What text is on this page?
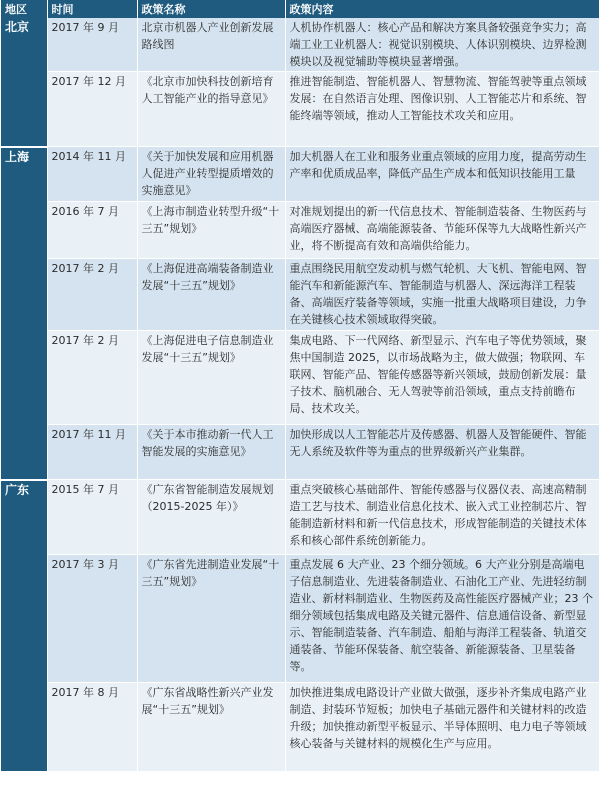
地区	时间	政策名称	政策内容
北京	2017 年 9 月	北京市机器人产业创新发展路线图	人机协作机器人：核心产品和解决方案具备较强竞争实力；高端工业工业机器人：视觉识别模块、人体识别模块、边界检测模块以及视觉辅助等模块显著增强。
	2017 年 12 月	《北京市加快科技创新培育人工智能产业的指导意见》	推进智能制造、智能机器人、智慧物流、智能驾驶等重点领域发展：在自然语言处理、图像识别、人工智能芯片和系统、智能终端等领域，推动人工智能技术攻关和应用。
上海	2014 年 11 月	《关于加快发展和应用机器人促进产业转型提质增效的实施意见》	加大机器人在工业和服务业重点领域的应用力度，提高劳动生产率和优质成品率，降低产品生产成本和低知识技能用工量
	2016 年 7 月	《上海市制造业转型升级“十三五”规划》	对准规划提出的新一代信息技术、智能制造装备、生物医药与高端医疗器械、高端能源装备、节能环保等九大战略性新兴产业，将不断提高有效和高端供给能力。
	2017 年 2 月	《上海促进高端装备制造业发展“十三五”规划》	重点围绕民用航空发动机与燃气轮机、大飞机、智能电网、智能汽车和新能源汽车、智能制造与机器人、深远海洋工程装备、高端医疗装备等领域，实施一批重大战略项目建设，力争在关键核心技术领域取得突破。
	2017 年 2 月	《上海促进电子信息制造业发展“十三五”规划》	集成电路、下一代网络、新型显示、汽车电子等优势领域，聚焦中国制造 2025，以市场战略为主，做大做强；物联网、车联网、智能产品、智能传感器等新兴领域，鼓励创新发展：量子技术、脑机融合、无人驾驶等前沿领域，重点支持前瞻布局、技术攻关。
	2017 年 11 月	《关于本市推动新一代人工智能发展的实施意见》	加快形成以人工智能芯片及传感器、机器人及智能硬件、智能无人系统及软件等为重点的世界级新兴产业集群。
广东	2015 年 7 月	《广东省智能制造发展规划（2015-2025 年）》	重点突破核心基础部件、智能传感器与仪器仪表、高速高精制造工艺与技术、制造业信息化技术、嵌入式工业控制芯片、智能制造新材料和新一代信息技术，形成智能制造的关键技术体系和核心部件系统创新能力。
	2017 年 3 月	《广东省先进制造业发展“十三五”规划》	重点发展 6 大产业、23 个细分领域。6 大产业分别是高端电子信息制造业、先进装备制造业、石油化工产业、先进轻纺制造业、新材料制造业、生物医药及高性能医疗器械产业；23 个细分领域包括集成电路及关键元器件、信息通信设备、新型显示、智能制造装备、汽车制造、船舶与海洋工程装备、轨道交通装备、节能环保装备、航空装备、新能源装备、卫星装备等。
	2017 年 8 月	《广东省战略性新兴产业发展“十三五”规划》	加快推进集成电路设计产业做大做强，逐步补齐集成电路产业制造、封装环节短板；加快电子基础元器件和关键材料的改造升级；加快推动新型平板显示、半导体照明、电力电子等领域核心装备与关键材料的规模化生产与应用。
